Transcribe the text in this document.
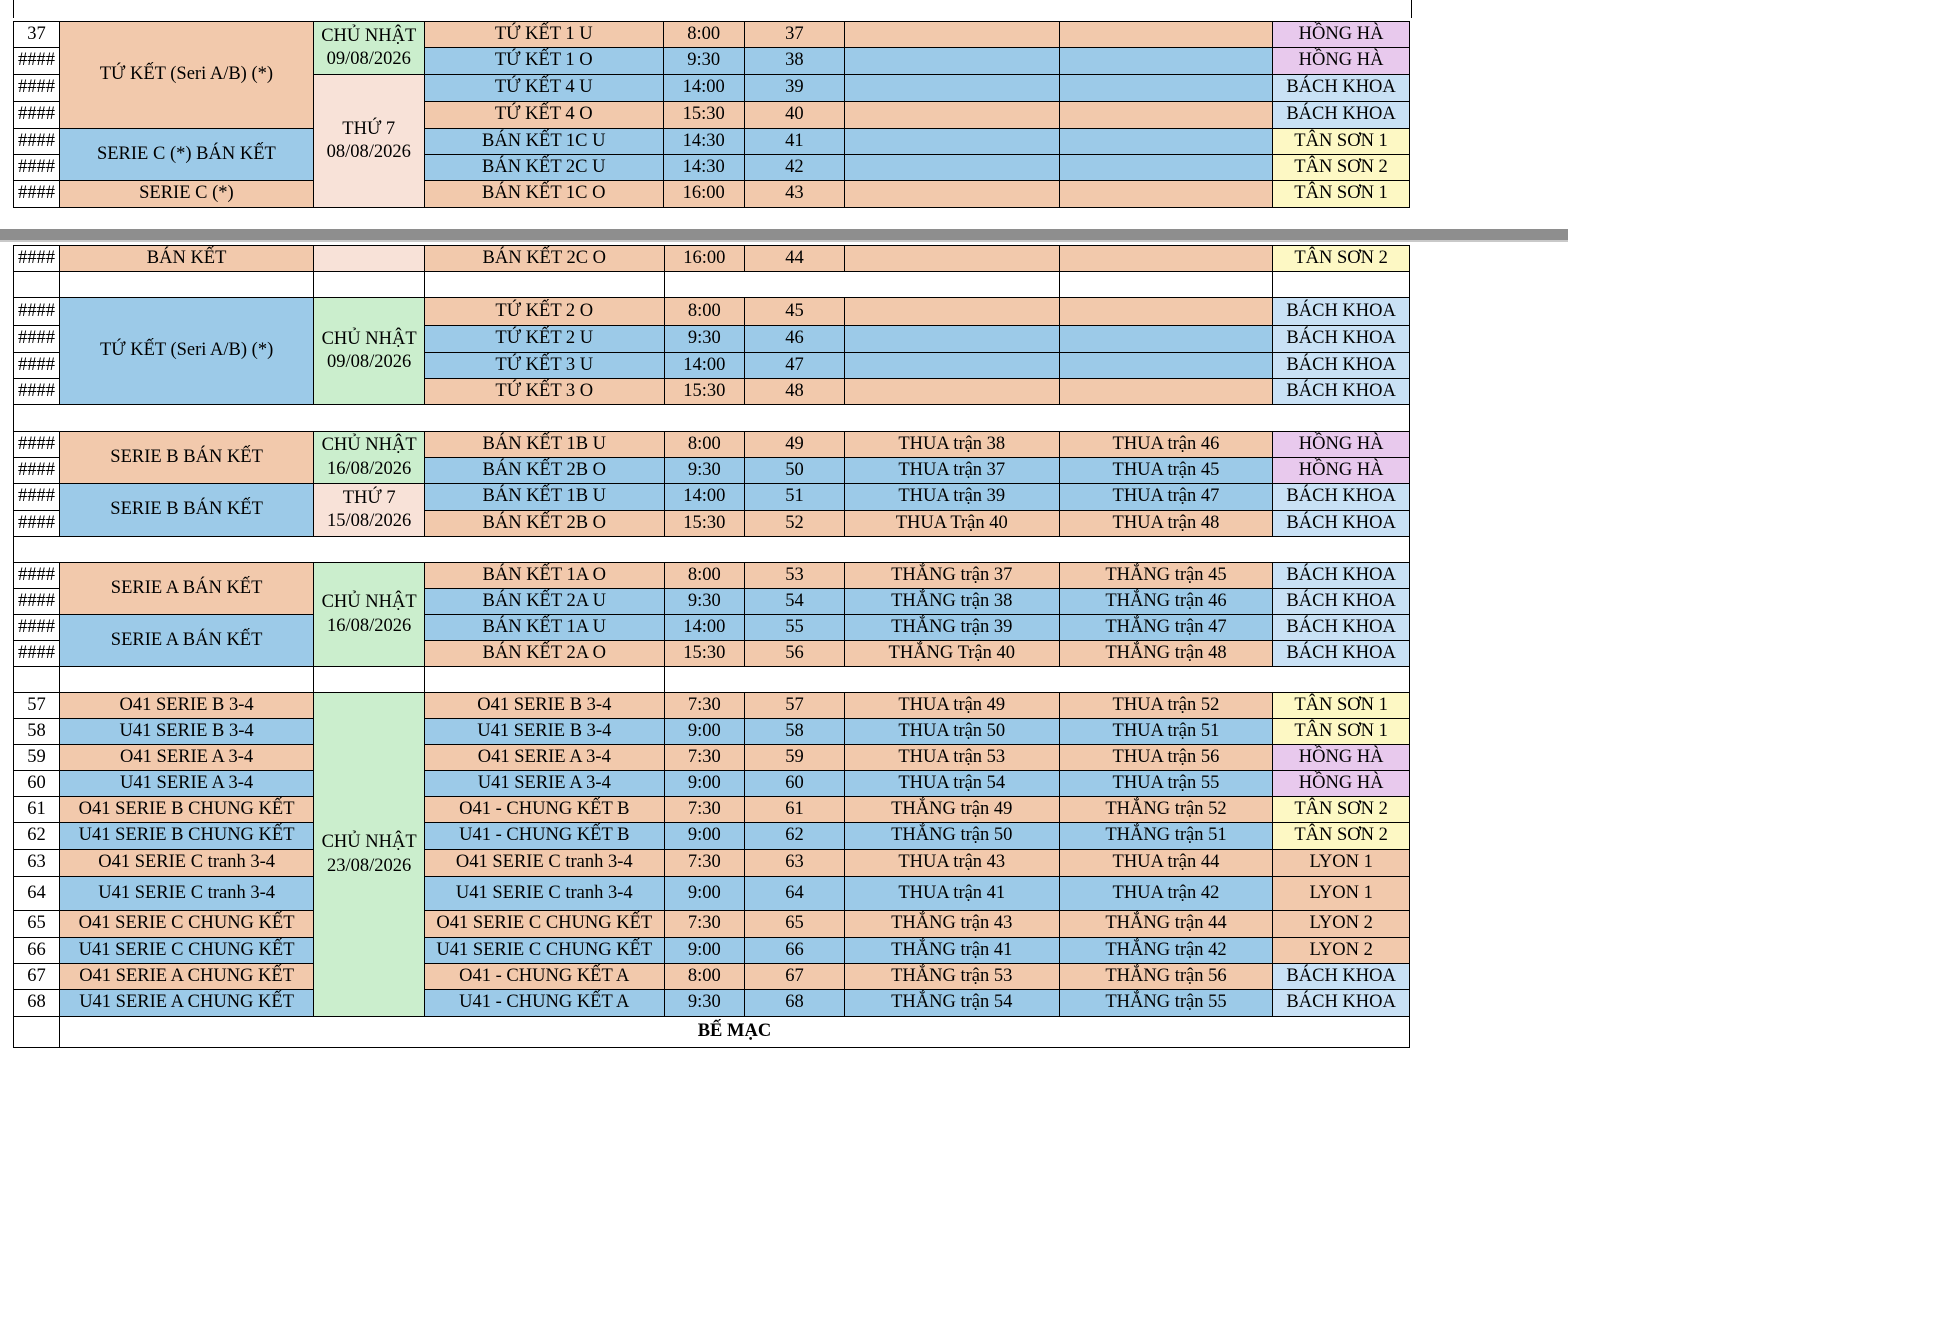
37	TỨ KẾT (Seri A/B) (*)	CHỦ NHẬT 09/08/2026	TỨ KẾT 1 U	8:00	37			HỒNG HÀ
####			TỨ KẾT 1 O	9:30	38			HỒNG HÀ
####		THỨ 7 08/08/2026	TỨ KẾT 4 U	14:00	39			BÁCH KHOA
####			TỨ KẾT 4 O	15:30	40			BÁCH KHOA
####	SERIE C (*) BÁN KẾT		BÁN KẾT 1C U	14:30	41			TÂN SƠN 1
####			BÁN KẾT 2C U	14:30	42			TÂN SƠN 2
####	SERIE C (*)		BÁN KẾT 1C O	16:00	43			TÂN SƠN 1
####	BÁN KẾT		BÁN KẾT 2C O	16:00	44			TÂN SƠN 2

####	TỨ KẾT (Seri A/B) (*)	CHỦ NHẬT 09/08/2026	TỨ KẾT 2 O	8:00	45			BÁCH KHOA
####			TỨ KẾT 2 U	9:30	46			BÁCH KHOA
####			TỨ KẾT 3 U	14:00	47			BÁCH KHOA
####			TỨ KẾT 3 O	15:30	48			BÁCH KHOA

####	SERIE B BÁN KẾT	CHỦ NHẬT 16/08/2026	BÁN KẾT 1B U	8:00	49	THUA trận 38	THUA trận 46	HỒNG HÀ
####			BÁN KẾT 2B O	9:30	50	THUA trận 37	THUA trận 45	HỒNG HÀ
####	SERIE B BÁN KẾT	THỨ 7 15/08/2026	BÁN KẾT 1B U	14:00	51	THUA trận 39	THUA trận 47	BÁCH KHOA
####			BÁN KẾT 2B O	15:30	52	THUA Trận 40	THUA trận 48	BÁCH KHOA

####	SERIE A BÁN KẾT	CHỦ NHẬT 16/08/2026	BÁN KẾT 1A O	8:00	53	THẮNG trận 37	THẮNG trận 45	BÁCH KHOA
####			BÁN KẾT 2A U	9:30	54	THẮNG trận 38	THẮNG trận 46	BÁCH KHOA
####	SERIE A BÁN KẾT		BÁN KẾT 1A U	14:00	55	THẮNG trận 39	THẮNG trận 47	BÁCH KHOA
####			BÁN KẾT 2A O	15:30	56	THẮNG Trận 40	THẮNG trận 48	BÁCH KHOA

57	O41 SERIE B 3-4	CHỦ NHẬT 23/08/2026	O41 SERIE B 3-4	7:30	57	THUA trận 49	THUA trận 52	TÂN SƠN 1
58	U41 SERIE B 3-4		U41 SERIE B 3-4	9:00	58	THUA trận 50	THUA trận 51	TÂN SƠN 1
59	O41 SERIE A 3-4		O41 SERIE A 3-4	7:30	59	THUA trận 53	THUA trận 56	HỒNG HÀ
60	U41 SERIE A 3-4		U41 SERIE A 3-4	9:00	60	THUA trận 54	THUA trận 55	HỒNG HÀ
61	O41 SERIE B CHUNG KẾT		O41 - CHUNG KẾT B	7:30	61	THẮNG trận 49	THẮNG trận 52	TÂN SƠN 2
62	U41 SERIE B CHUNG KẾT		U41 - CHUNG KẾT B	9:00	62	THẮNG trận 50	THẮNG trận 51	TÂN SƠN 2
63	O41 SERIE C tranh 3-4		O41 SERIE C tranh 3-4	7:30	63	THUA trận 43	THUA trận 44	LYON 1
64	U41 SERIE C tranh 3-4		U41 SERIE C tranh 3-4	9:00	64	THUA trận 41	THUA trận 42	LYON 1
65	O41 SERIE C CHUNG KẾT		O41 SERIE C CHUNG KẾT	7:30	65	THẮNG trận 43	THẮNG trận 44	LYON 2
66	U41 SERIE C CHUNG KẾT		U41 SERIE C CHUNG KẾT	9:00	66	THẮNG trận 41	THẮNG trận 42	LYON 2
67	O41 SERIE A CHUNG KẾT		O41 - CHUNG KẾT A	8:00	67	THẮNG trận 53	THẮNG trận 56	BÁCH KHOA
68	U41 SERIE A CHUNG KẾT		U41 - CHUNG KẾT A	9:30	68	THẮNG trận 54	THẮNG trận 55	BÁCH KHOA
	BẾ MẠC							
